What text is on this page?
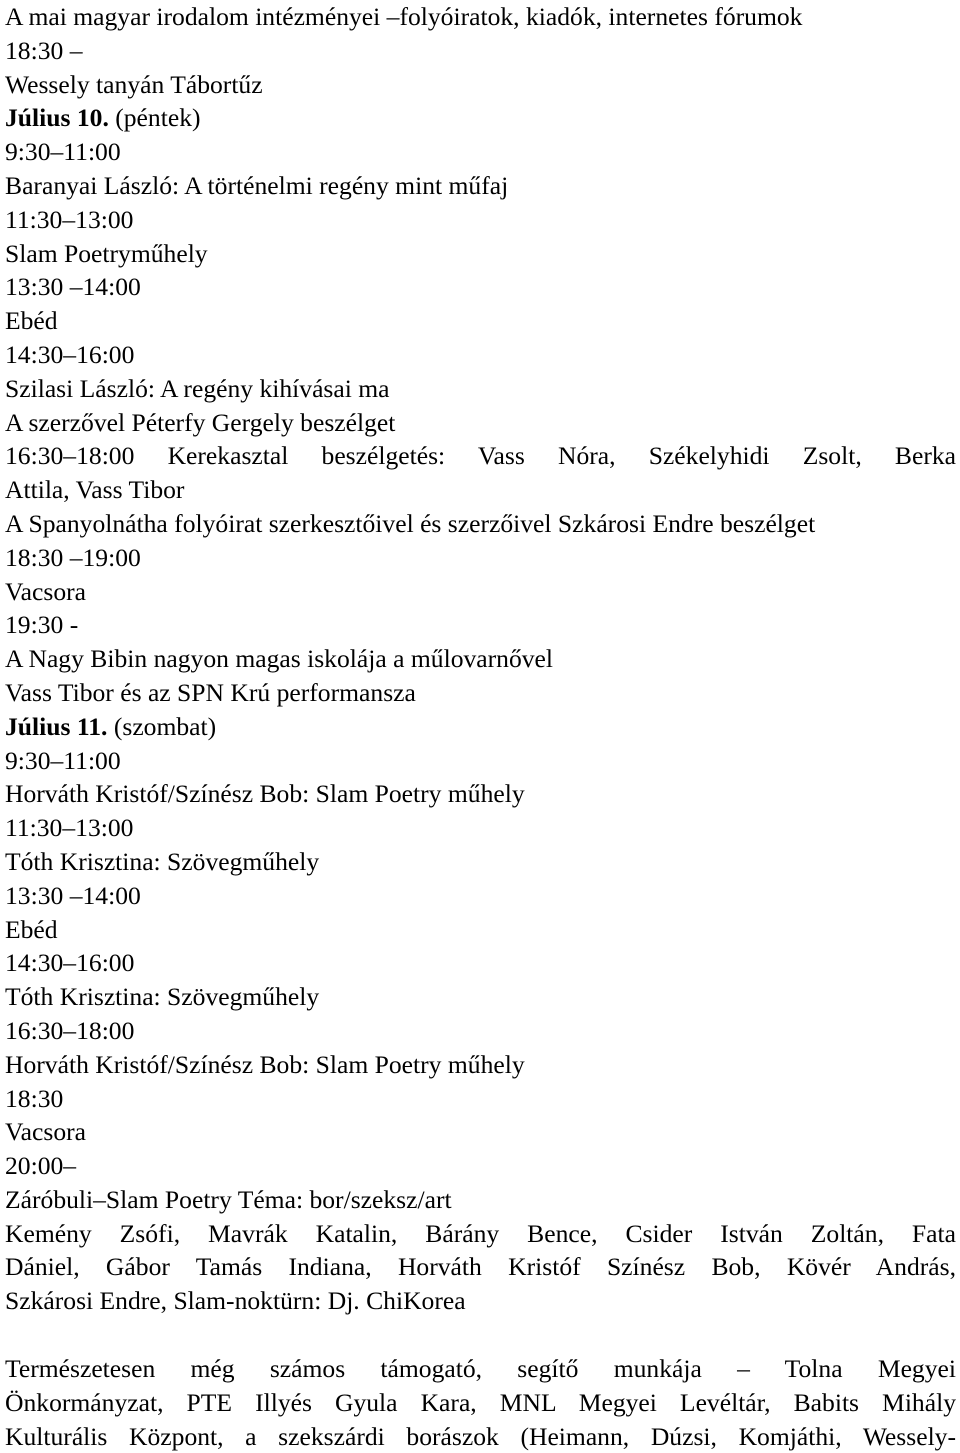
A mai magyar irodalom intézményei –folyóiratok, kiadók, internetes fórumok
18:30 –
Wessely tanyán Tábortűz
Július 10. (péntek)
9:30–11:00
Baranyai László: A történelmi regény mint műfaj
11:30–13:00
Slam Poetryműhely
13:30 –14:00
Ebéd
14:30–16:00
Szilasi László: A regény kihívásai ma
A szerzővel Péterfy Gergely beszélget
16:30–18:00 Kerekasztal beszélgetés: Vass Nóra, Székelyhidi Zsolt, Berka
Attila, Vass Tibor
A Spanyolnátha folyóirat szerkesztőivel és szerzőivel Szkárosi Endre beszélget
18:30 –19:00
Vacsora
19:30 -
A Nagy Bibin nagyon magas iskolája a műlovarnővel
Vass Tibor és az SPN Krú performansza
Július 11. (szombat)
9:30–11:00
Horváth Kristóf/Színész Bob: Slam Poetry műhely
11:30–13:00
Tóth Krisztina: Szövegműhely
13:30 –14:00
Ebéd
14:30–16:00
Tóth Krisztina: Szövegműhely
16:30–18:00
Horváth Kristóf/Színész Bob: Slam Poetry műhely
18:30
Vacsora
20:00–
Záróbuli–Slam Poetry Téma: bor/szeksz/art
Kemény Zsófi, Mavrák Katalin, Bárány Bence, Csider István Zoltán, Fata
Dániel, Gábor Tamás Indiana, Horváth Kristóf Színész Bob, Kövér András,
Szkárosi Endre, Slam-noktürn: Dj. ChiKorea
Természetesen még számos támogató, segítő munkája – Tolna Megyei
Önkormányzat, PTE Illyés Gyula Kara, MNL Megyei Levéltár, Babits Mihály
Kulturális Központ, a szekszárdi borászok (Heimann, Dúzsi, Komjáthi, Wessely-
